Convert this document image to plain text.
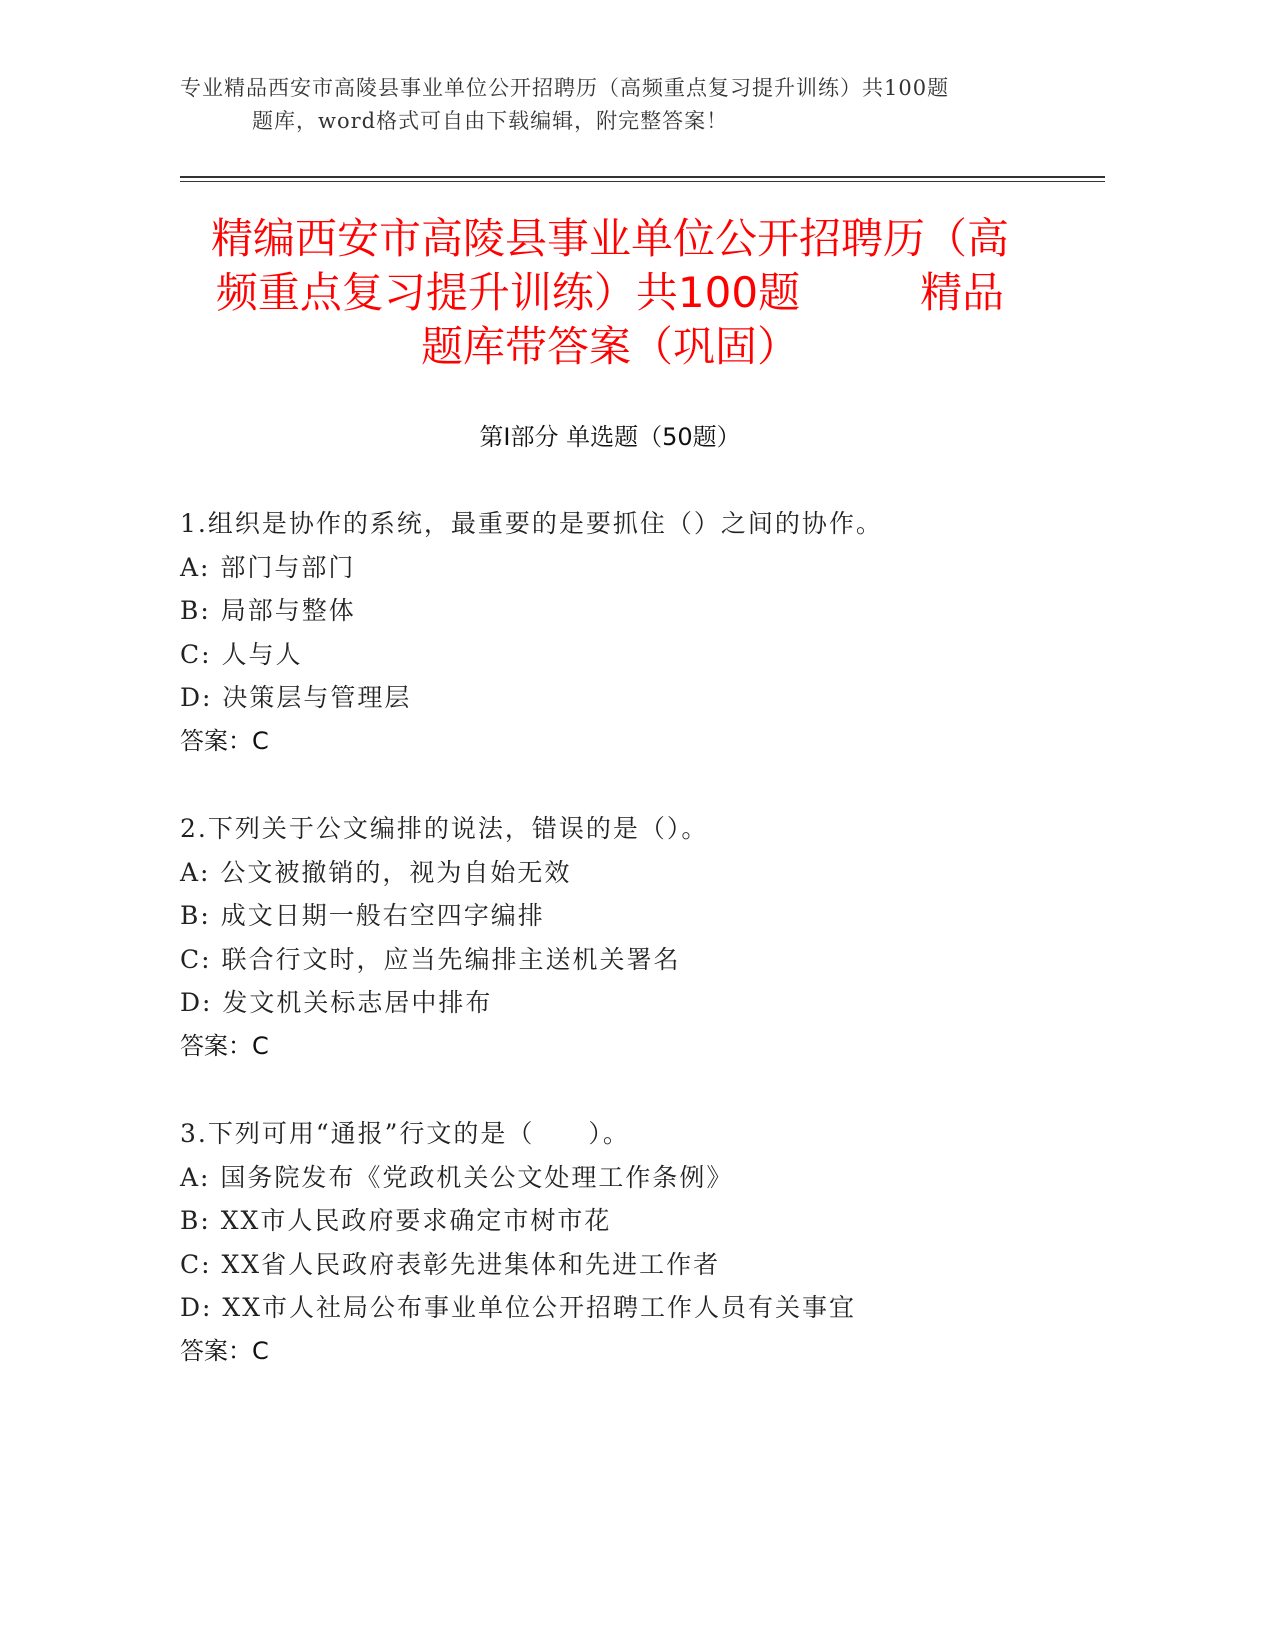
专业精品西安市高陵县事业单位公开招聘历（高频重点复习提升训练）共100题
题库，word格式可自由下载编辑，附完整答案！
精编西安市高陵县事业单位公开招聘历（高
频重点复习提升训练）共100题	精品
题库带答案（巩固）
第Ⅰ部分 单选题（50题）
1.组织是协作的系统，最重要的是要抓住（）之间的协作。
A: 部门与部门
B: 局部与整体
C: 人与人
D: 决策层与管理层
答案：C
2.下列关于公文编排的说法，错误的是（）。
A: 公文被撤销的，视为自始无效
B: 成文日期一般右空四字编排
C: 联合行文时，应当先编排主送机关署名
D: 发文机关标志居中排布
答案：C
3.下列可用“通报”行文的是（　　）。
A: 国务院发布《党政机关公文处理工作条例》
B: XX市人民政府要求确定市树市花
C: XX省人民政府表彰先进集体和先进工作者
D: XX市人社局公布事业单位公开招聘工作人员有关事宜
答案：C
